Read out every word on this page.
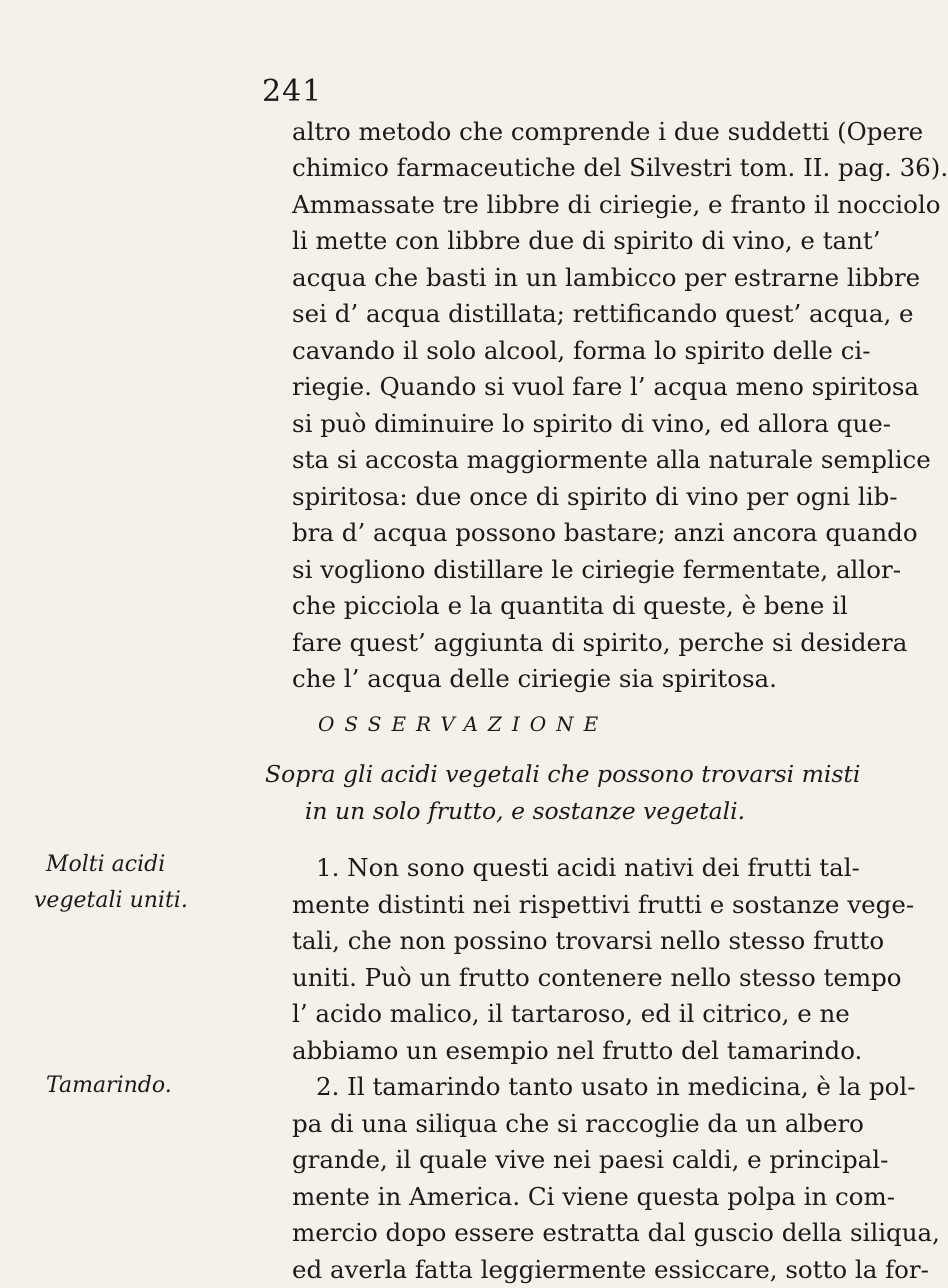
241
altro metodo che comprende i due suddetti (Opere
chimico farmaceutiche del Silvestri tom. II. pag. 36).
Ammassate tre libbre di ciriegie, e franto il nocciolo
li mette con libbre due di spirito di vino, e tant’
acqua che basti in un lambicco per estrarne libbre
sei d’ acqua distillata; rettificando quest’ acqua, e
cavando il solo alcool, forma lo spirito delle ci-
riegie. Quando si vuol fare l’ acqua meno spiritosa
si può diminuire lo spirito di vino, ed allora que-
sta si accosta maggiormente alla naturale semplice
spiritosa: due once di spirito di vino per ogni lib-
bra d’ acqua possono bastare; anzi ancora quando
si vogliono distillare le ciriegie fermentate, allor-
che picciola e la quantita di queste, è bene il
fare quest’ aggiunta di spirito, perche si desidera
che l’ acqua delle ciriegie sia spiritosa.
OSSERVAZIONE
Sopra gli acidi vegetali che possono trovarsi misti
in un solo frutto, e sostanze vegetali.
Molti acidi
vegetali uniti.
Tamarindo.
1. Non sono questi acidi nativi dei frutti tal-
mente distinti nei rispettivi frutti e sostanze vege-
tali, che non possino trovarsi nello stesso frutto
uniti. Può un frutto contenere nello stesso tempo
l’ acido malico, il tartaroso, ed il citrico, e ne
abbiamo un esempio nel frutto del tamarindo.
2. Il tamarindo tanto usato in medicina, è la pol-
pa di una siliqua che si raccoglie da un albero
grande, il quale vive nei paesi caldi, e principal-
mente in America. Ci viene questa polpa in com-
mercio dopo essere estratta dal guscio della siliqua,
ed averla fatta leggiermente essiccare, sotto la for-
